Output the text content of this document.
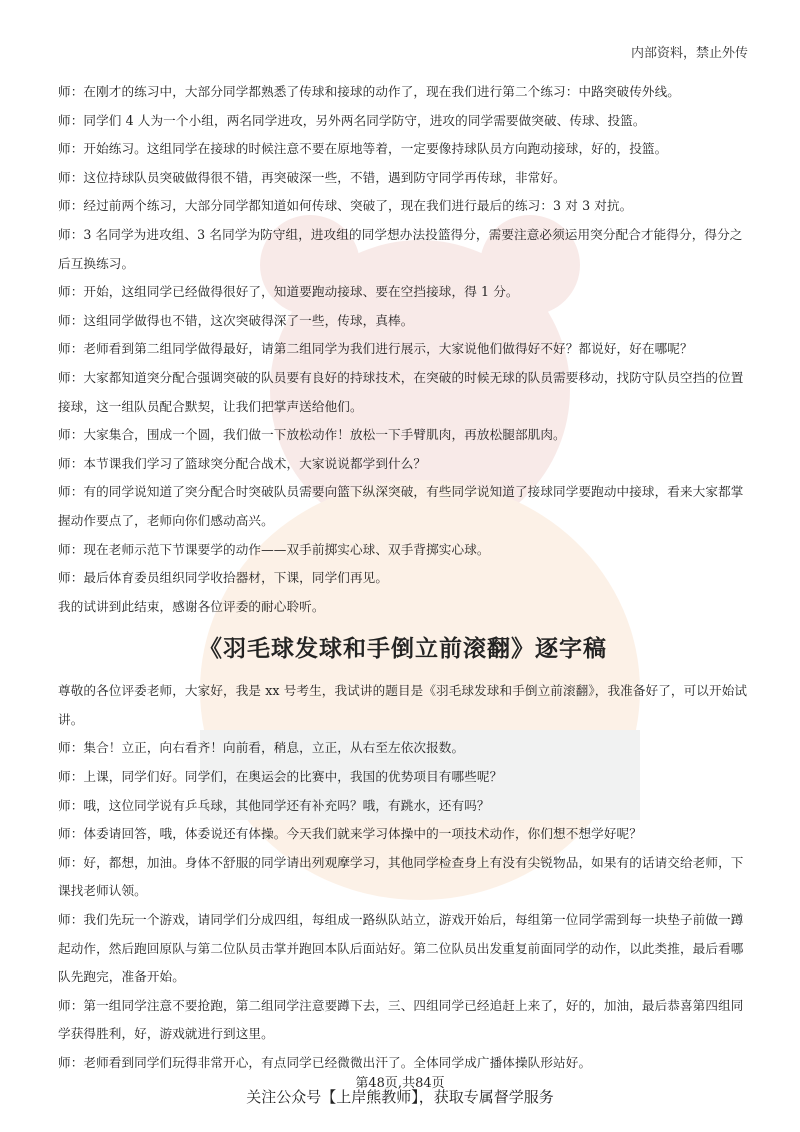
内部资料，禁止外传

师：在刚才的练习中，大部分同学都熟悉了传球和接球的动作了，现在我们进行第二个练习：中路突破传外线。

师：同学们 4 人为一个小组，两名同学进攻，另外两名同学防守，进攻的同学需要做突破、传球、投篮。

师：开始练习。这组同学在接球的时候注意不要在原地等着，一定要像持球队员方向跑动接球，好的，投篮。

师：这位持球队员突破做得很不错，再突破深一些，不错，遇到防守同学再传球，非常好。

师：经过前两个练习，大部分同学都知道如何传球、突破了，现在我们进行最后的练习：3 对 3 对抗。

师：3 名同学为进攻组、3 名同学为防守组，进攻组的同学想办法投篮得分，需要注意必须运用突分配合才能得分，得分之后互换练习。

师：开始，这组同学已经做得很好了，知道要跑动接球、要在空挡接球，得 1 分。

师：这组同学做得也不错，这次突破得深了一些，传球，真棒。

师：老师看到第二组同学做得最好，请第二组同学为我们进行展示，大家说他们做得好不好？都说好，好在哪呢？

师：大家都知道突分配合强调突破的队员要有良好的持球技术，在突破的时候无球的队员需要移动，找防守队员空挡的位置接球，这一组队员配合默契，让我们把掌声送给他们。

师：大家集合，围成一个圆，我们做一下放松动作！放松一下手臂肌肉，再放松腿部肌肉。

师：本节课我们学习了篮球突分配合战术，大家说说都学到什么？

师：有的同学说知道了突分配合时突破队员需要向篮下纵深突破，有些同学说知道了接球同学要跑动中接球，看来大家都掌握动作要点了，老师向你们感动高兴。

师：现在老师示范下节课要学的动作——双手前掷实心球、双手背掷实心球。

师：最后体育委员组织同学收拾器材，下课，同学们再见。

我的试讲到此结束，感谢各位评委的耐心聆听。

《羽毛球发球和手倒立前滚翻》逐字稿

尊敬的各位评委老师，大家好，我是 xx 号考生，我试讲的题目是《羽毛球发球和手倒立前滚翻》，我准备好了，可以开始试讲。

师：集合！立正，向右看齐！向前看，稍息，立正，从右至左依次报数。

师：上课，同学们好。同学们，在奥运会的比赛中，我国的优势项目有哪些呢？

师：哦，这位同学说有乒乓球，其他同学还有补充吗？哦，有跳水，还有吗？

师：体委请回答，哦，体委说还有体操。今天我们就来学习体操中的一项技术动作，你们想不想学好呢？

师：好，都想，加油。身体不舒服的同学请出列观摩学习，其他同学检查身上有没有尖锐物品，如果有的话请交给老师，下课找老师认领。

师：我们先玩一个游戏，请同学们分成四组，每组成一路纵队站立，游戏开始后，每组第一位同学需到每一块垫子前做一蹲起动作，然后跑回原队与第二位队员击掌并跑回本队后面站好。第二位队员出发重复前面同学的动作，以此类推，最后看哪队先跑完，准备开始。

师：第一组同学注意不要抢跑，第二组同学注意要蹲下去，三、四组同学已经追赶上来了，好的，加油，最后恭喜第四组同学获得胜利，好，游戏就进行到这里。

师：老师看到同学们玩得非常开心，有点同学已经微微出汗了。全体同学成广播体操队形站好。

第48页,共84页
关注公众号【上岸熊教师】，获取专属督学服务
